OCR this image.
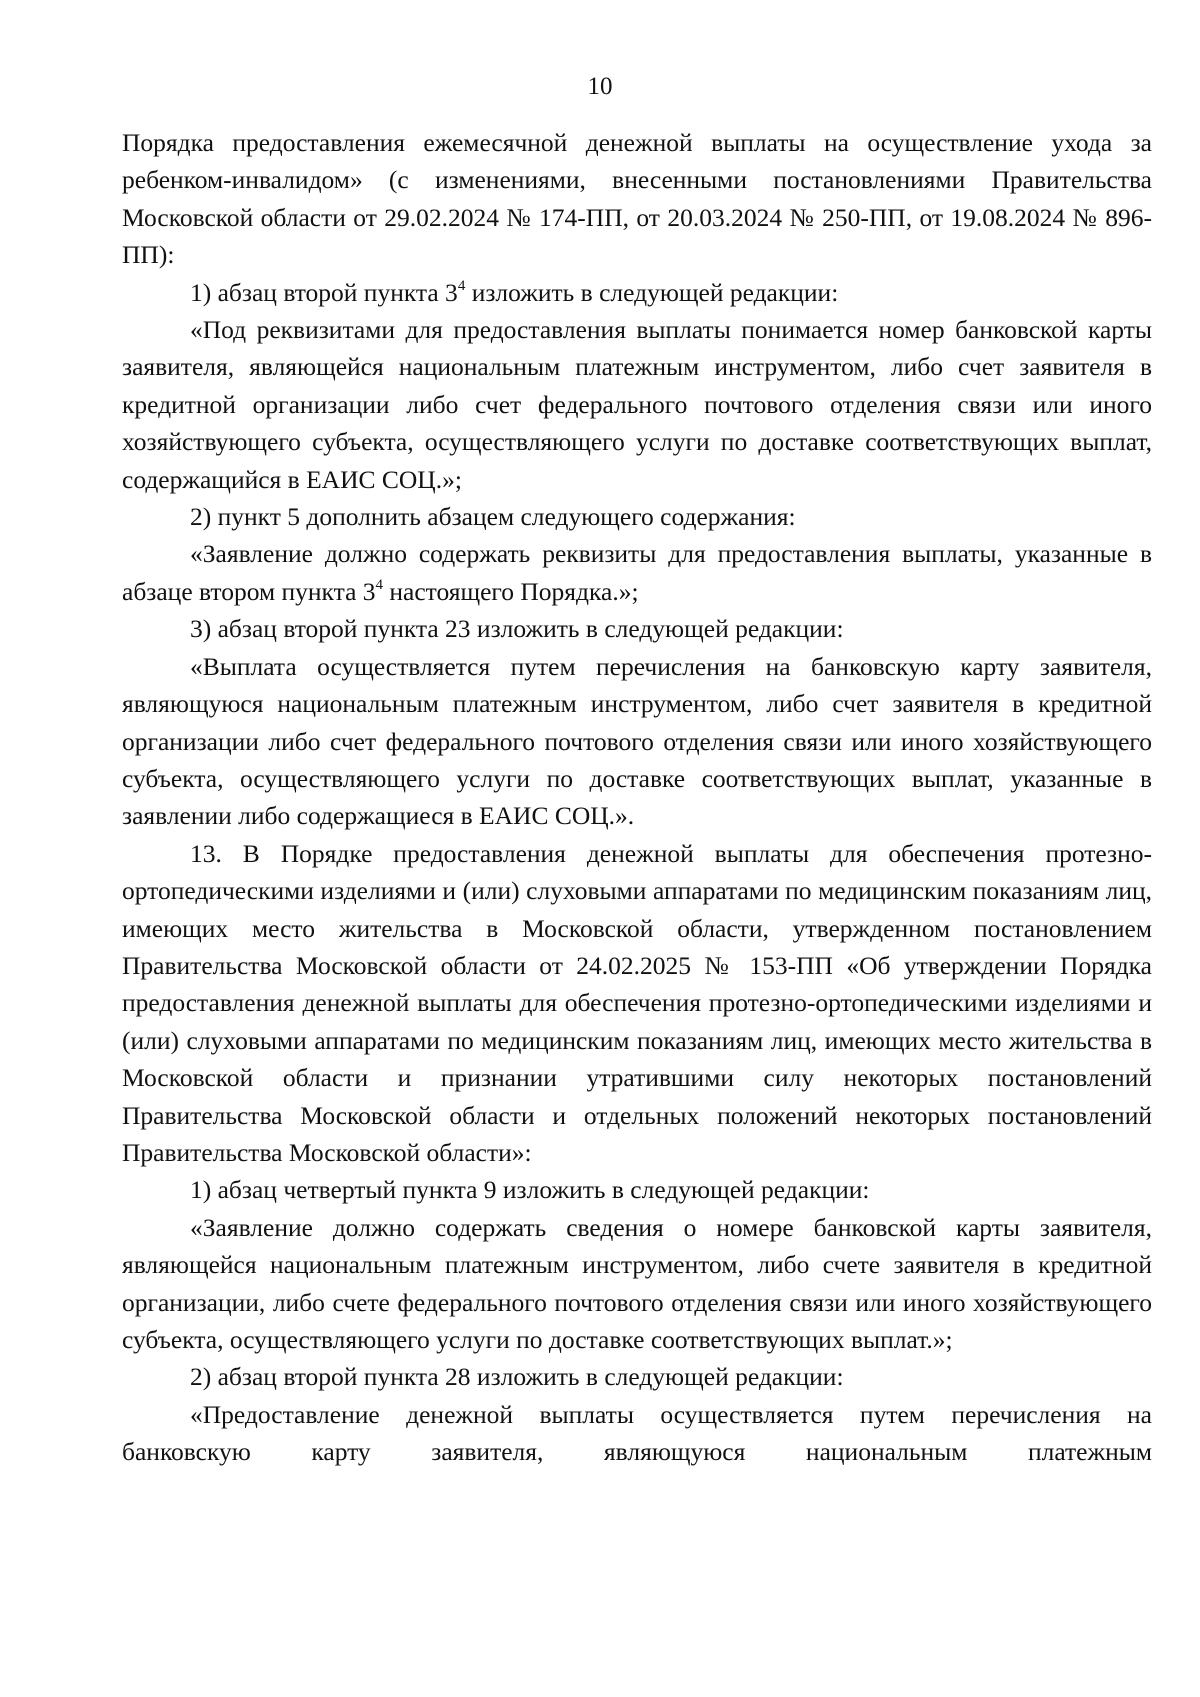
10

Порядка предоставления ежемесячной денежной выплаты на осуществление ухода за ребенком-инвалидом» (с изменениями, внесенными постановлениями Правительства Московской области от 29.02.2024 № 174-ПП, от 20.03.2024 № 250-ПП, от 19.08.2024 № 896-ПП):

1) абзац второй пункта $3^4$ изложить в следующей редакции:

«Под реквизитами для предоставления выплаты понимается номер банковской карты заявителя, являющейся национальным платежным инструментом, либо счет заявителя в кредитной организации либо счет федерального почтового отделения связи или иного хозяйствующего субъекта, осуществляющего услуги по доставке соответствующих выплат, содержащийся в ЕАИС СОЦ.»;

2) пункт 5 дополнить абзацем следующего содержания:

«Заявление должно содержать реквизиты для предоставления выплаты, указанные в абзаце втором пункта $3^4$ настоящего Порядка.»;

3) абзац второй пункта 23 изложить в следующей редакции:

«Выплата осуществляется путем перечисления на банковскую карту заявителя, являющуюся национальным платежным инструментом, либо счет заявителя в кредитной организации либо счет федерального почтового отделения связи или иного хозяйствующего субъекта, осуществляющего услуги по доставке соответствующих выплат, указанные в заявлении либо содержащиеся в ЕАИС СОЦ.».

13. В Порядке предоставления денежной выплаты для обеспечения протезно-ортопедическими изделиями и (или) слуховыми аппаратами по медицинским показаниям лиц, имеющих место жительства в Московской области, утвержденном постановлением Правительства Московской области от 24.02.2025 № 153-ПП «Об утверждении Порядка предоставления денежной выплаты для обеспечения протезно-ортопедическими изделиями и (или) слуховыми аппаратами по медицинским показаниям лиц, имеющих место жительства в Московской области и признании утратившими силу некоторых постановлений Правительства Московской области и отдельных положений некоторых постановлений Правительства Московской области»:

1) абзац четвертый пункта 9 изложить в следующей редакции:

«Заявление должно содержать сведения о номере банковской карты заявителя, являющейся национальным платежным инструментом, либо счете заявителя в кредитной организации, либо счете федерального почтового отделения связи или иного хозяйствующего субъекта, осуществляющего услуги по доставке соответствующих выплат.»;

2) абзац второй пункта 28 изложить в следующей редакции:

«Предоставление денежной выплаты осуществляется путем перечисления на банковскую карту заявителя, являющуюся национальным платежным
